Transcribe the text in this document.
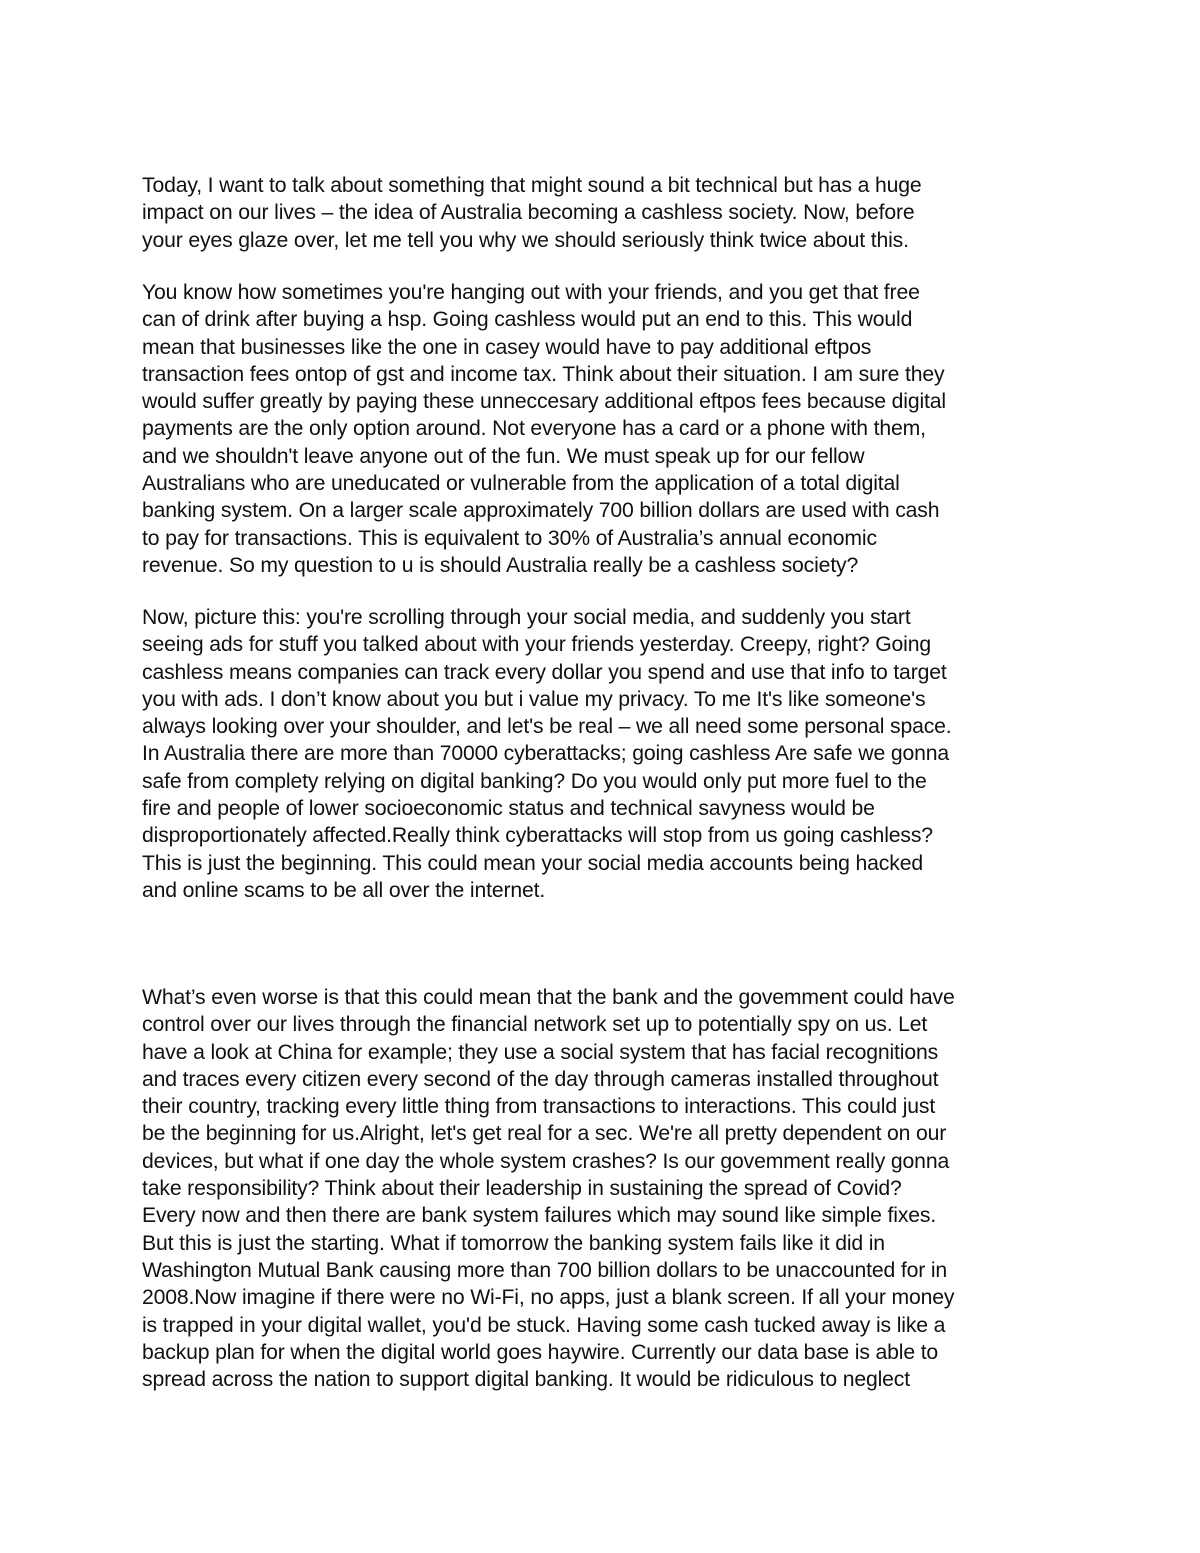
Today, I want to talk about something that might sound a bit technical but has a huge
impact on our lives – the idea of Australia becoming a cashless society. Now, before
your eyes glaze over, let me tell you why we should seriously think twice about this.
You know how sometimes you're hanging out with your friends, and you get that free
can of drink after buying a hsp. Going cashless would put an end to this. This would
mean that businesses like the one in casey would have to pay additional eftpos
transaction fees ontop of gst and income tax. Think about their situation. I am sure they
would suffer greatly by paying these unneccesary additional eftpos fees because digital
payments are the only option around. Not everyone has a card or a phone with them,
and we shouldn't leave anyone out of the fun. We must speak up for our fellow
Australians who are uneducated or vulnerable from the application of a total digital
banking system. On a larger scale approximately 700 billion dollars are used with cash
to pay for transactions. This is equivalent to 30% of Australia’s annual economic
revenue. So my question to u is should Australia really be a cashless society?
Now, picture this: you're scrolling through your social media, and suddenly you start
seeing ads for stuff you talked about with your friends yesterday. Creepy, right? Going
cashless means companies can track every dollar you spend and use that info to target
you with ads. I don’t know about you but i value my privacy. To me It's like someone's
always looking over your shoulder, and let's be real – we all need some personal space.
In Australia there are more than 70000 cyberattacks; going cashless Are safe we gonna
safe from complety relying on digital banking? Do you would only put more fuel to the
fire and people of lower socioeconomic status and technical savyness would be
disproportionately affected.Really think cyberattacks will stop from us going cashless?
This is just the beginning. This could mean your social media accounts being hacked
and online scams to be all over the internet.
What’s even worse is that this could mean that the bank and the govemment could have
control over our lives through the financial network set up to potentially spy on us. Let
have a look at China for example; they use a social system that has facial recognitions
and traces every citizen every second of the day through cameras installed throughout
their country, tracking every little thing from transactions to interactions. This could just
be the beginning for us.Alright, let's get real for a sec. We're all pretty dependent on our
devices, but what if one day the whole system crashes? Is our govemment really gonna
take responsibility? Think about their leadership in sustaining the spread of Covid?
Every now and then there are bank system failures which may sound like simple fixes.
But this is just the starting. What if tomorrow the banking system fails like it did in
Washington Mutual Bank causing more than 700 billion dollars to be unaccounted for in
2008.Now imagine if there were no Wi-Fi, no apps, just a blank screen. If all your money
is trapped in your digital wallet, you'd be stuck. Having some cash tucked away is like a
backup plan for when the digital world goes haywire. Currently our data base is able to
spread across the nation to support digital banking. It would be ridiculous to neglect
